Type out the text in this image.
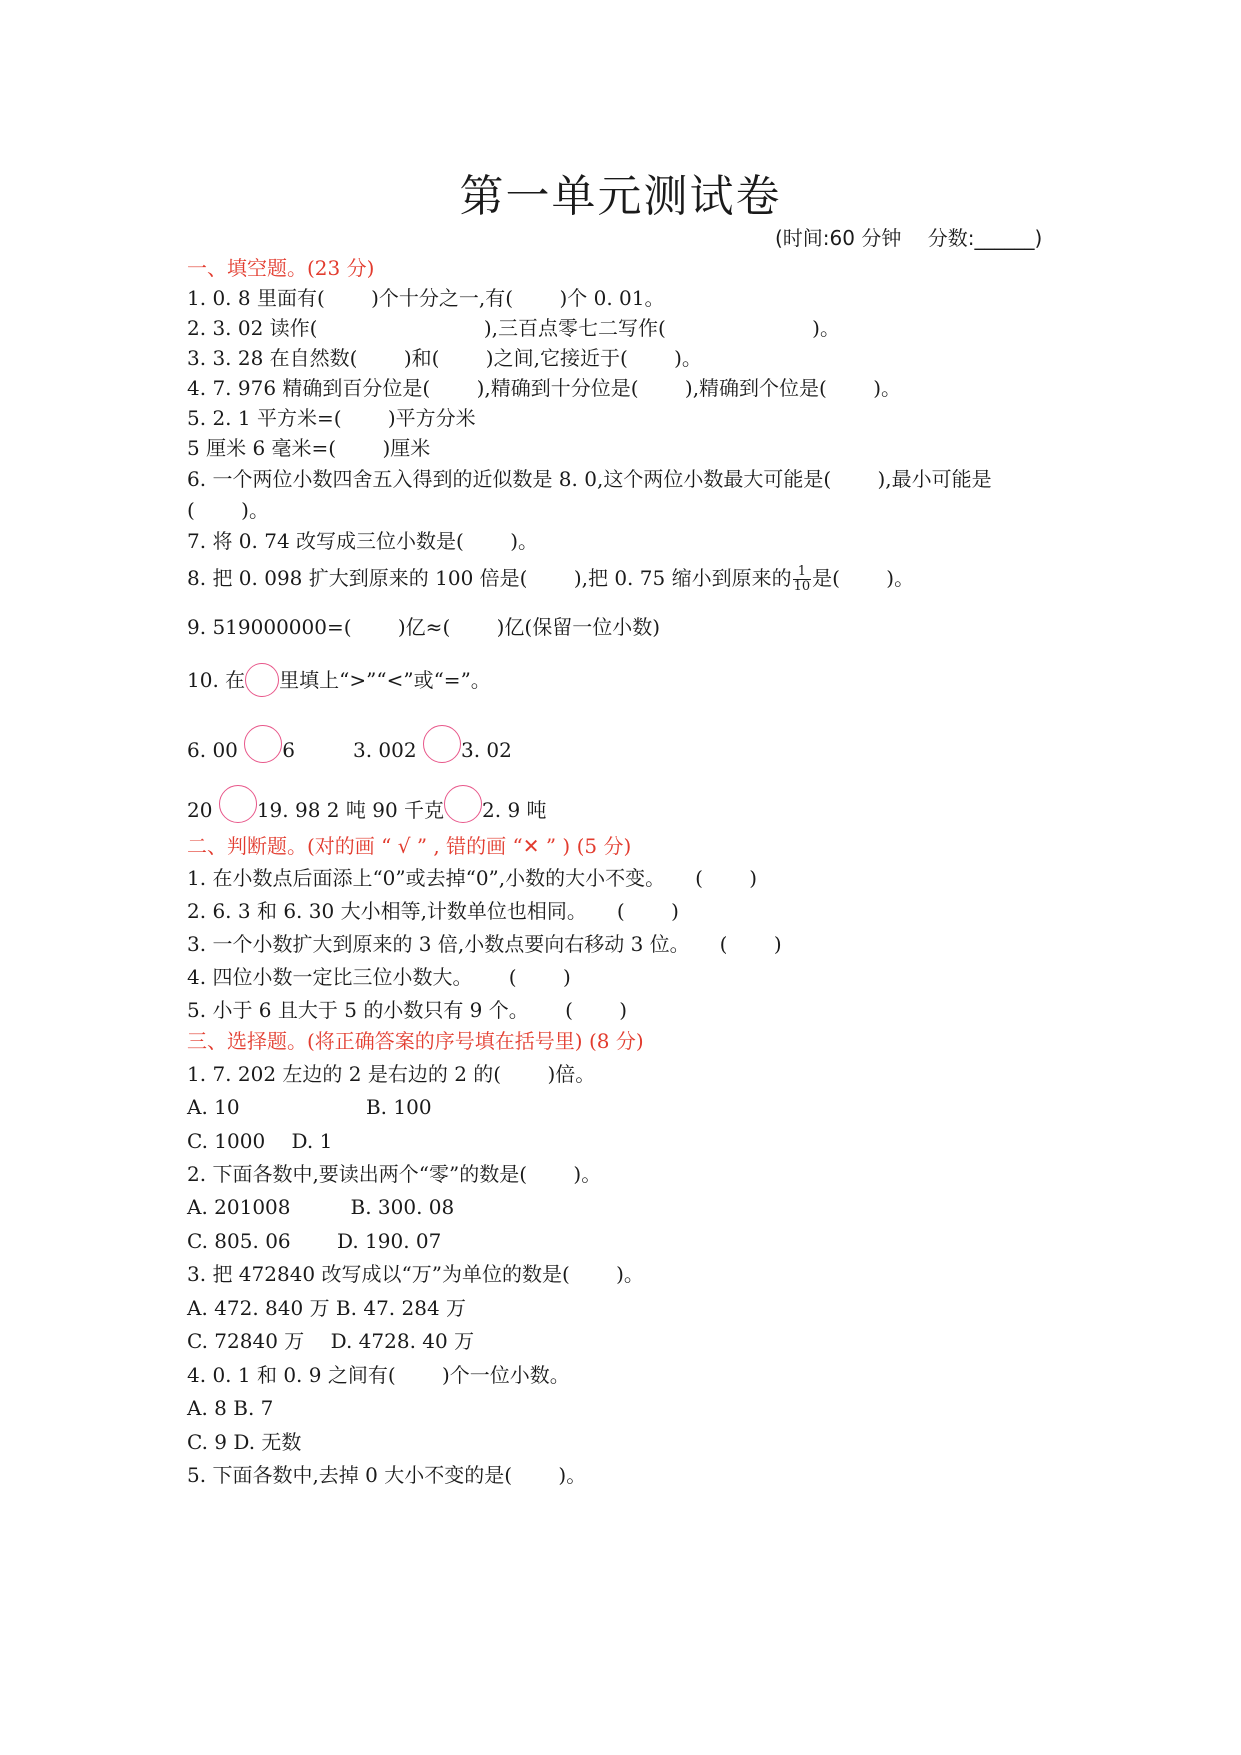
第一单元测试卷
(时间:60 分钟　 分数:______)
一、填空题。(23 分)
1. 0. 8 里面有(　　 )个十分之一,有(　　 )个 0. 01。
2. 3. 02 读作(　　　　　　　　 ),三百点零七二写作(　　　　　　　 )。
3. 3. 28 在自然数(　　 )和(　　 )之间,它接近于(　　 )。
4. 7. 976 精确到百分位是(　　 ),精确到十分位是(　　 ),精确到个位是(　　 )。
5. 2. 1 平方米=(　　 )平方分米
5 厘米 6 毫米=(　　 )厘米
6. 一个两位小数四舍五入得到的近似数是 8. 0,这个两位小数最大可能是(　　 ),最小可能是
(　　 )。
7. 将 0. 74 改写成三位小数是(　　 )。
8. 把 0. 098 扩大到原来的 100 倍是(　　 ),把 0. 75 缩小到原来的 $\frac{1}{10}$ 是(　　 )。
9. 519000000=(　　 )亿≈(　　 )亿(保留一位小数)
10. 在 里填上“>”“<”或“=”。
6. 00 6	3. 002 3. 02
20 19. 98 2 吨 90 千克 2. 9 吨
二、判断题。(对的画 “ √ ” , 错的画 “✕ ” ) (5 分)
1. 在小数点后面添上“0”或去掉“0”,小数的大小不变。　　(　　 )
2. 6. 3 和 6. 30 大小相等,计数单位也相同。　　(　　 )
3. 一个小数扩大到原来的 3 倍,小数点要向右移动 3 位。　　(　　 )
4. 四位小数一定比三位小数大。　　 (　　 )
5. 小于 6 且大于 5 的小数只有 9 个。　　 (　　 )
三、选择题。(将正确答案的序号填在括号里) (8 分)
1. 7. 202 左边的 2 是右边的 2 的(　　 )倍。
A. 10　　　　　　 B. 100
C. 1000　 D. 1
2. 下面各数中,要读出两个“零”的数是(　　 )。
A. 201008　　　B. 300. 08
C. 805. 06　　 D. 190. 07
3. 把 472840 改写成以“万”为单位的数是(　　 )。
A. 472. 840 万 B. 47. 284 万
C. 72840 万　 D. 4728. 40 万
4. 0. 1 和 0. 9 之间有(　　 )个一位小数。
A. 8 B. 7
C. 9 D. 无数
5. 下面各数中,去掉 0 大小不变的是(　　 )。
